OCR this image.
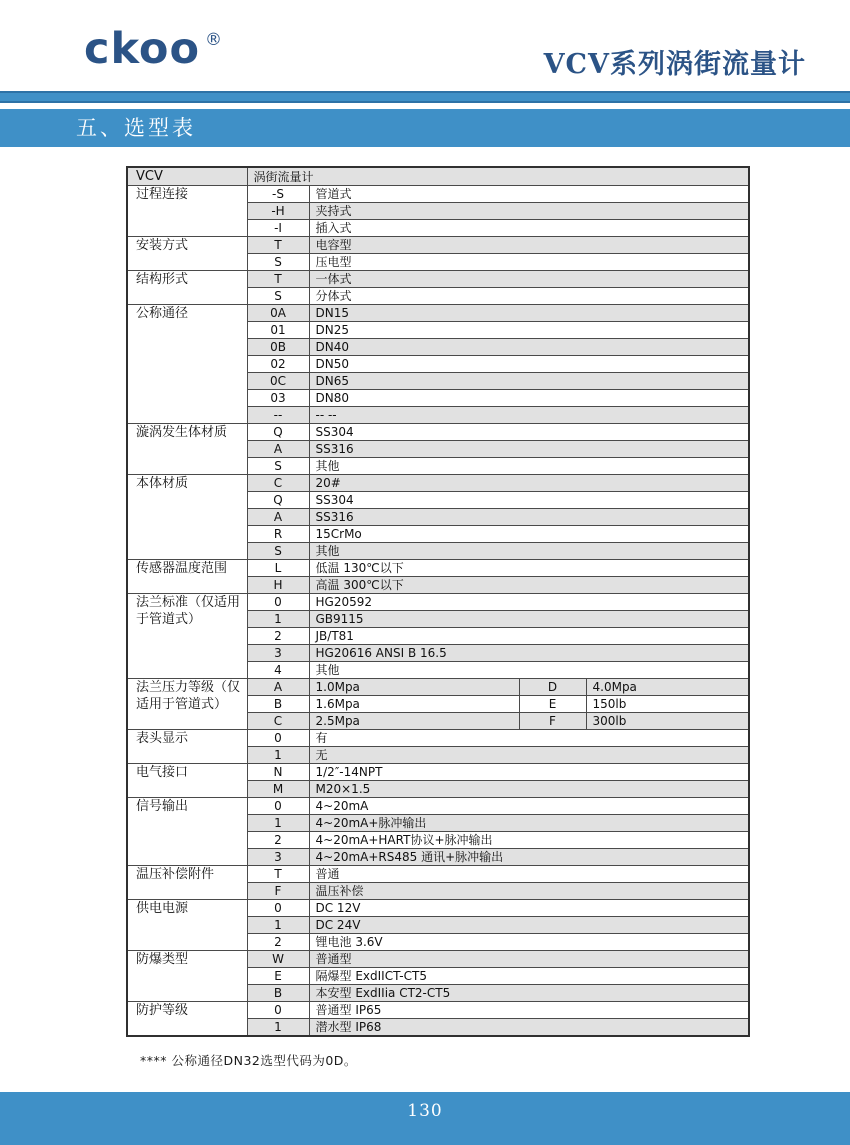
ckoo ®
VCV系列涡街流量计
五、选型表
VCV	涡街流量计			
过程连接	-S	管道式		
	-H	夹持式		
	-I	插入式		
安装方式	T	电容型		
	S	压电型		
结构形式	T	一体式		
	S	分体式		
公称通径	0A	DN15		
	01	DN25		
	0B	DN40		
	02	DN50		
	0C	DN65		
	03	DN80		
	--	-- --		
漩涡发生体材质	Q	SS304		
	A	SS316		
	S	其他		
本体材质	C	20#		
	Q	SS304		
	A	SS316		
	R	15CrMo		
	S	其他		
传感器温度范围	L	低温 130℃以下		
	H	高温 300℃以下		
法兰标准（仅适用于管道式）	0	HG20592		
	1	GB9115		
	2	JB/T81		
	3	HG20616 ANSI B 16.5		
	4	其他		
法兰压力等级（仅适用于管道式）	A	1.0Mpa	D	4.0Mpa
	B	1.6Mpa	E	150lb
	C	2.5Mpa	F	300lb
表头显示	0	有		
	1	无		
电气接口	N	1/2″-14NPT		
	M	M20×1.5		
信号输出	0	4~20mA		
	1	4~20mA+脉冲输出		
	2	4~20mA+HART协议+脉冲输出		
	3	4~20mA+RS485 通讯+脉冲输出		
温压补偿附件	T	普通		
	F	温压补偿		
供电电源	0	DC 12V		
	1	DC 24V		
	2	锂电池 3.6V		
防爆类型	W	普通型		
	E	隔爆型 ExdIICT-CT5		
	B	本安型 ExdIIia CT2-CT5		
防护等级	0	普通型 IP65		
	1	潜水型 IP68		
**** 公称通径DN32选型代码为0D。
130
